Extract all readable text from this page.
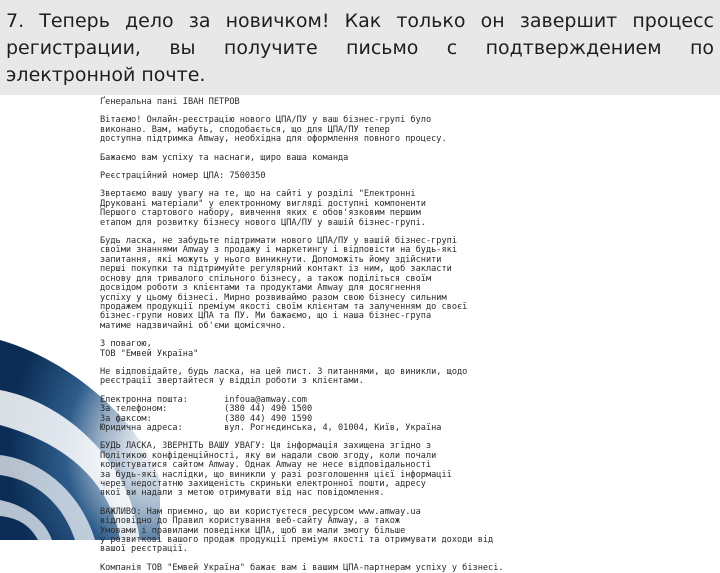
7. Теперь дело за новичком! Как только он завершит процесс
регистрации, вы получите письмо с подтверждением по
электронной почте.
Ґенеральна пані ІВАН ПЕТРОВ
Вітаємо! Онлайн-реєстрацію нового ЦПА/ПУ у ваш бізнес-групі було
виконано. Вам, мабуть, сподобається, що для ЦПА/ПУ тепер
доступна підтримка Amway, необхідна для оформлення повного процесу.
Бажаємо вам успіху та наснаги, щиро ваша команда
Реєстраційний номер ЦПА: 7500350
Звертаємо вашу увагу на те, що на сайті у розділі "Електронні
Друковані матеріали" у електронному вигляді доступні компоненти
Першого стартового набору, вивчення яких є обов'язковим першим
етапом для розвитку бізнесу нового ЦПА/ПУ у вашій бізнес-групі.
Будь ласка, не забудьте підтримати нового ЦПА/ПУ у вашій бізнес-групі
своїми знаннями Amway з продажу і маркетингу і відповісти на будь-які
запитання, які можуть у нього виникнути. Допоможіть йому здійснити
перші покупки та підтримуйте регулярний контакт із ним, щоб закласти
основу для тривалого спільного бізнесу, а також поділіться своїм
досвідом роботи з клієнтами та продуктами Amway для досягнення
успіху у цьому бізнесі. Мирно розвиваймо разом свою бізнесу сильним
продажем продукції преміум якості своїм клієнтам та залученням до своєї
бізнес-групи нових ЦПА та ПУ. Ми бажаємо, що і наша бізнес-група
матиме надзвичайні об'єми щомісячно.
З повагою,
ТОВ "Емвей Україна"
Не відповідайте, будь ласка, на цей лист. З питаннями, що виникли, щодо
реєстрації звертайтеся у відділ роботи з клієнтами.
Електронна пошта:       infoua@amway.com
За телефоном:           (380 44) 490 1500
За факсом:              (380 44) 490 1590
Юридична адреса:        вул. Рогнєдинська, 4, 01004, Київ, Україна
БУДЬ ЛАСКА, ЗВЕРНІТЬ ВАШУ УВАГУ: Ця інформація захищена згідно з
Політикою конфіденційності, яку ви надали свою згоду, коли почали
користуватися сайтом Amway. Однак Amway не несе відповідальності
за будь-які наслідки, що виникли у разі розголошення цієї інформації
через недостатню захищеність скриньки електронної пошти, адресу
якої ви надали з метою отримувати від нас повідомлення.
ВАЖЛИВО: Нам приємно, що ви користуєтеся ресурсом www.amway.ua
відповідно до Правил користування веб-сайту Amway, а також
Умовами і правилами поведінки ЦПА, щоб ви мали змогу більше
у розвиткові вашого продаж продукції преміум якості та отримувати доходи від
вашої реєстрації.
Компанія ТОВ "Емвей Україна" бажає вам і вашим ЦПА-партнерам успіху у бізнесі.
